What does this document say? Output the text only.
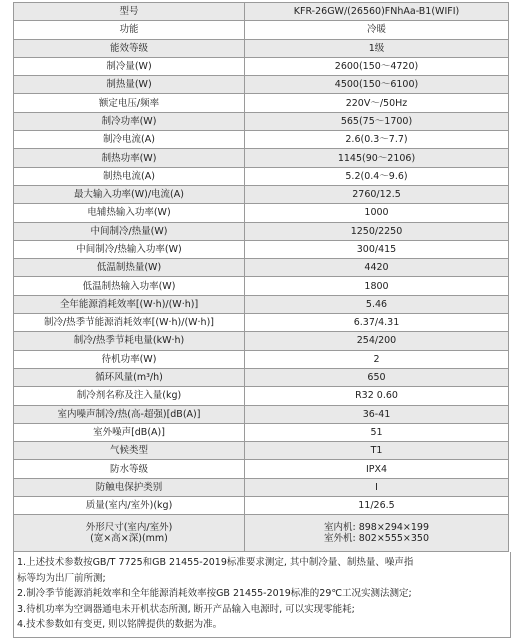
型号	KFR-26GW/(26560)FNhAa-B1(WIFI)
功能	冷暖
能效等级	1级
制冷量(W)	2600(150～4720)
制热量(W)	4500(150～6100)
额定电压/频率	220V～/50Hz
制冷功率(W)	565(75～1700)
制冷电流(A)	2.6(0.3～7.7)
制热功率(W)	1145(90～2106)
制热电流(A)	5.2(0.4～9.6)
最大输入功率(W)/电流(A)	2760/12.5
电辅热输入功率(W)	1000
中间制冷/热量(W)	1250/2250
中间制冷/热输入功率(W)	300/415
低温制热量(W)	4420
低温制热输入功率(W)	1800
全年能源消耗效率[(W·h)/(W·h)]	5.46
制冷/热季节能源消耗效率[(W·h)/(W·h)]	6.37/4.31
制冷/热季节耗电量(kW·h)	254/200
待机功率(W)	2
循环风量(m³/h)	650
制冷剂名称及注入量(kg)	R32 0.60
室内噪声制冷/热(高-超强)[dB(A)]	36-41
室外噪声[dB(A)]	51
气候类型	T1
防水等级	IPX4
防触电保护类别	I
质量(室内/室外)(kg)	11/26.5

外形尺寸(室内/室外)
(宽×高×深)(mm)	室内机: 898×294×199
室外机: 802×555×350
1.上述技术参数按GB/T 7725和GB 21455-2019标准要求测定, 其中制冷量、制热量、噪声指
标等均为出厂前所测;
2.制冷季节能源消耗效率和全年能源消耗效率按GB 21455-2019标准的29℃工况实测法测定;
3.待机功率为空调器通电未开机状态所测, 断开产品输入电源时, 可以实现零能耗;
4.技术参数如有变更, 则以铭牌提供的数据为准。
